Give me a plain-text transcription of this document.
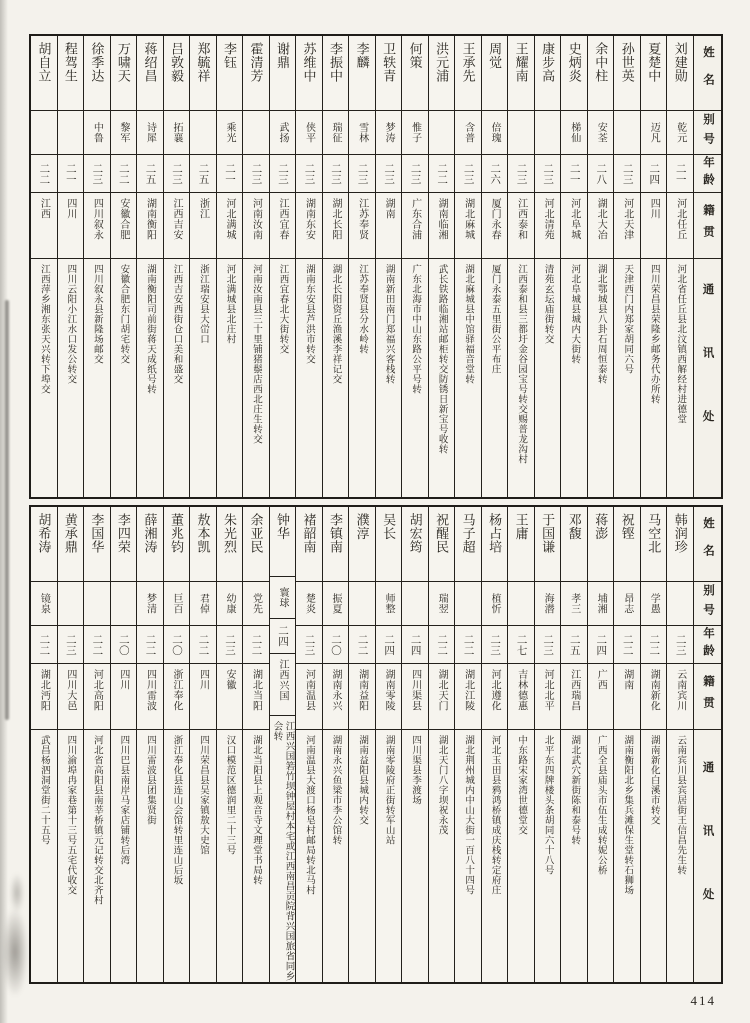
姓名
别号
年龄
籍贯
通讯处
刘建勋
乾元
二一
河北任丘
河北省任丘县北汶镇西解经村进德堂
夏楚中
迈凡
二四
四川
四川荣昌县荣隆乡邮务代办所转
孙世英
二三
河北天津
天津西门内郑家胡同六号
余中柱
安荃
二八
湖北大冶
湖北鄂城县八卦石周恒泰转
史炳炎
梯仙
二一
河北阜城
河北阜城县城内大街转
康步高
二三
河北清苑
清苑玄坛庙街转交
王耀南
二三
江西泰和
江西泰和县三都圩金谷园宝号转交赐普龙沟村
周觉
倍瑰
二六
厦门永春
厦门永泰五里街公平布庄
王承先
含普
二三
湖北麻城
湖北麻城县中馆驿福音堂转
洪元浦
二二
湖南临湘
武长铁路临湘站邮柜转交防锈日新宝号收转
何策
惟子
二三
广东合浦
广东北海市中山东路公平号转
卫轶青
梦涛
二三
湖南
湖南新田南门郑福兴客栈转
李麟
雪林
二三
江苏奉贤
江苏奉贤县分水岭转
李振中
瑞征
二三
湖北长阳
湖北长阳资丘渔溪李祥记交
苏维中
侠平
二三
湖南东安
湖南东安县芦洪市转交
谢鼎
武扬
二三
江西宜春
江西宜春北大街转交
霍清芳
二三
河南汝南
河南汝南县三十里铺猪鬃店西北庄生转交
李钰
乘光
二一
河北满城
河北满城县北庄村
郑毓祥
二五
浙江
浙江瑞安县大峃口
吕敦毅
拓襄
二三
江西吉安
江西吉安西街仓口美和盛交
蒋绍昌
诗犀
二五
湖南衡阳
湖南衡阳司前街蒋天成纸号转
万啸天
黎军
二二
安徽合肥
安徽合肥东门胡宅转交
徐季达
中鲁
二三
四川叙永
四川叙永县新隆场邮交
程驾生
二一
四川
四川云阳小江水口发公转交
胡自立
二二
江西
江西萍乡湘东张天兴转下埠交
姓名
别号
年龄
籍贯
通讯处
韩润珍
二三
云南宾川
云南宾川县宾居街王信昌先生转
马空北
学愚
二二
湖南新化
湖南新化白溪市转交
祝铿
昂志
二二
湖南
湖南衡阳北乡集兵滩保生堂转石狮场
蒋澎
埔湘
二四
广西
广西全县庙头市伍生成转妮公桥
邓馥
孝三
二五
江西瑞昌
湖北武穴新街陈和泰号转
于国谦
海潜
二三
河北北平
北平东四牌楼头条胡同六十八号
王庸
二七
吉林德惠
中东路宋家湾世德堂交
杨占培
植忻
二三
河北遵化
河北玉田县鸦鸿桥镇成庆栈转定府庄
马子超
二二
湖北江陵
湖北荆州城内中山大街一百八十四号
祝醒民
瑞翌
二二
湖北天门
湖北天门八字坝祝永茂
胡宏筠
二四
四川渠县
四川渠县李渡场
吴长
师整
二四
湖南零陵
湖南零陵府正街转军山站
濮淳
二二
湖南益阳
湖南益阳县城内转交
李镇南
振夏
二〇
湖南永兴
湖南永兴鱼梁市李公馆转
褚韶南
楚炎
二三
河南温县
河南温县大渡口杨皂村邮局转北马村
钟华
寰球
二四
江西兴国
江西兴国箬竹坝钟屋村本宅或江西南昌贡院背兴国旅省同乡会转
余亚民
党先
二二
湖北当阳
湖北当阳县上观音寺文理堂书局转
朱光烈
幼康
二三
安徽
汉口模范区德润里二十三号
敖本凯
君倬
二二
四川
四川荣昌县吴家镇敖大史馆
董兆钧
巨百
二〇
浙江奉化
浙江奉化县连山会馆转里连山后坂
薛湘涛
梦清
二二
四川雷波
四川雷波县团集贤街
李四荣
二〇
四川
四川巴县南岸马家店铺转后湾
李国华
二二
河北高阳
河北省高阳县南莘桥镇元记转交北齐村
黄承鼎
二三
四川大邑
四川渝埠冉家巷第十三号五宅代收交
胡希涛
镜泉
二二
湖北沔阳
武昌杨泗洞堂街二十五号
414
